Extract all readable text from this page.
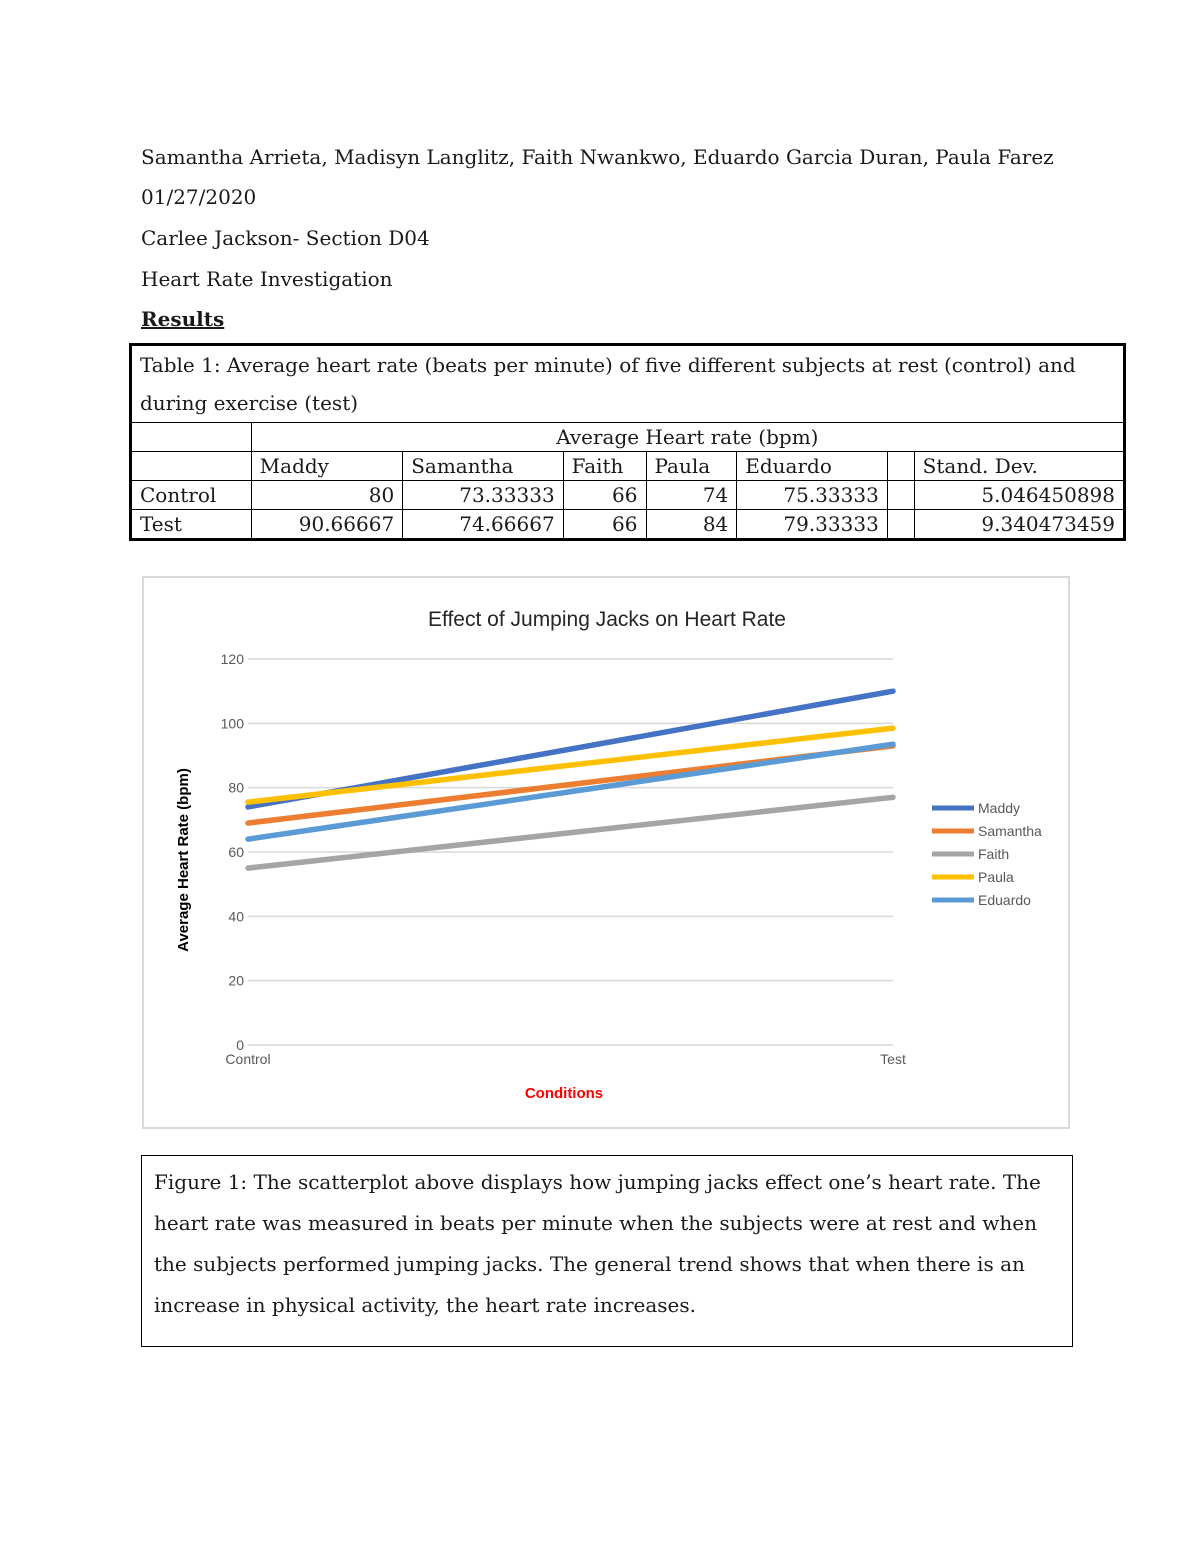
Samantha Arrieta, Madisyn Langlitz, Faith Nwankwo, Eduardo Garcia Duran, Paula Farez

01/27/2020

Carlee Jackson- Section D04

Heart Rate Investigation

Results

Table 1: Average heart rate (beats per minute) of five different subjects at rest (control) and during exercise (test)							
	Average Heart rate (bpm)						
	Maddy	Samantha	Faith	Paula	Eduardo		Stand. Dev.
Control	80	73.33333	66	74	75.33333		5.046450898
Test	90.66667	74.66667	66	84	79.33333		9.340473459
Effect of Jumping Jacks on Heart Rate
0
20
40
60
80
100
120
Control	Test
Average Heart Rate (bpm)
Conditions
Maddy
Samantha
Faith
Paula
Eduardo
Figure 1: The scatterplot above displays how jumping jacks effect one’s heart rate. The heart rate was measured in beats per minute when the subjects were at rest and when the subjects performed jumping jacks. The general trend shows that when there is an increase in physical activity, the heart rate increases.
